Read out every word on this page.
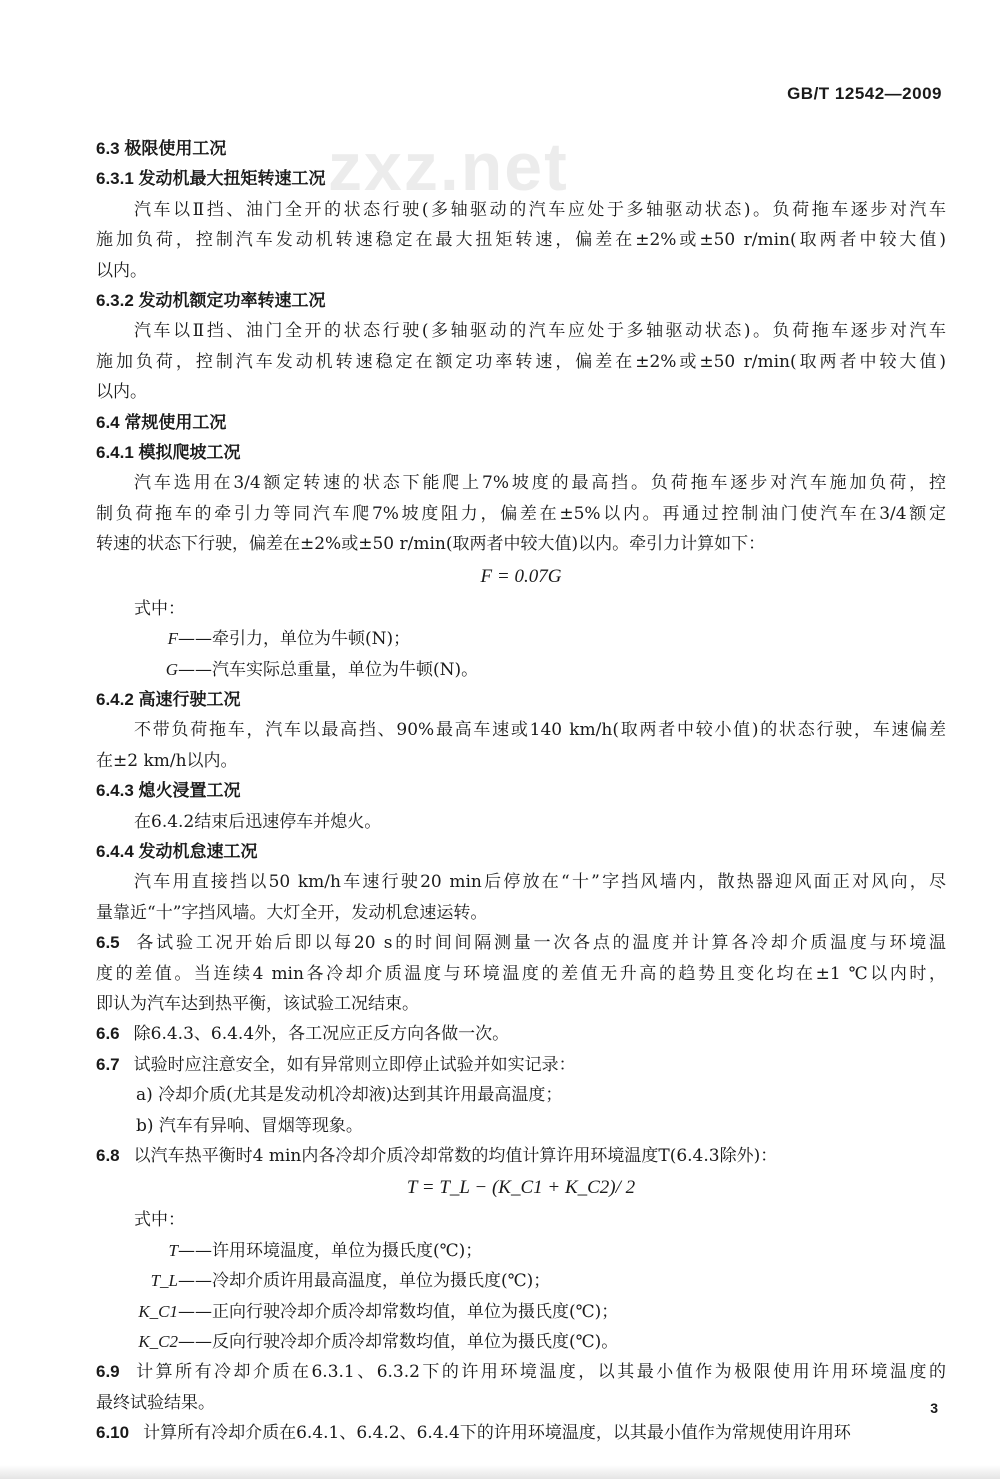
zxz.net
GB/T 12542—2009
6.3 极限使用工况
6.3.1 发动机最大扭矩转速工况
汽车以Ⅱ挡、油门全开的状态行驶(多轴驱动的汽车应处于多轴驱动状态)。负荷拖车逐步对汽车
施加负荷，控制汽车发动机转速稳定在最大扭矩转速，偏差在±2%或±50 r/min(取两者中较大值)
以内。
6.3.2 发动机额定功率转速工况
汽车以Ⅱ挡、油门全开的状态行驶(多轴驱动的汽车应处于多轴驱动状态)。负荷拖车逐步对汽车
施加负荷，控制汽车发动机转速稳定在额定功率转速，偏差在±2%或±50 r/min(取两者中较大值)
以内。
6.4 常规使用工况
6.4.1 模拟爬坡工况
汽车选用在3/4额定转速的状态下能爬上7%坡度的最高挡。负荷拖车逐步对汽车施加负荷，控
制负荷拖车的牵引力等同汽车爬7%坡度阻力，偏差在±5%以内。再通过控制油门使汽车在3/4额定
转速的状态下行驶，偏差在±2%或±50 r/min(取两者中较大值)以内。牵引力计算如下：
F = 0.07G
式中：
F ——牵引力，单位为牛顿(N)；
G ——汽车实际总重量，单位为牛顿(N)。
6.4.2 高速行驶工况
不带负荷拖车，汽车以最高挡、90%最高车速或140 km/h(取两者中较小值)的状态行驶，车速偏差
在±2 km/h以内。
6.4.3 熄火浸置工况
在6.4.2结束后迅速停车并熄火。
6.4.4 发动机怠速工况
汽车用直接挡以50 km/h车速行驶20 min后停放在“十”字挡风墙内，散热器迎风面正对风向，尽
量靠近“十”字挡风墙。大灯全开，发动机怠速运转。
6.5 各试验工况开始后即以每20 s的时间间隔测量一次各点的温度并计算各冷却介质温度与环境温
度的差值。当连续4 min各冷却介质温度与环境温度的差值无升高的趋势且变化均在±1 ℃以内时，
即认为汽车达到热平衡，该试验工况结束。
6.6 除6.4.3、6.4.4外，各工况应正反方向各做一次。
6.7 试验时应注意安全，如有异常则立即停止试验并如实记录：
a) 冷却介质(尤其是发动机冷却液)达到其许用最高温度；
b) 汽车有异响、冒烟等现象。
6.8 以汽车热平衡时4 min内各冷却介质冷却常数的均值计算许用环境温度T(6.4.3除外)：
T = T_L − (K_C1 + K_C2)/ 2
式中：
T ——许用环境温度，单位为摄氏度(℃)；
T_L ——冷却介质许用最高温度，单位为摄氏度(℃)；
K_C1 ——正向行驶冷却介质冷却常数均值，单位为摄氏度(℃)；
K_C2 ——反向行驶冷却介质冷却常数均值，单位为摄氏度(℃)。
6.9 计算所有冷却介质在6.3.1、6.3.2下的许用环境温度，以其最小值作为极限使用许用环境温度的
最终试验结果。
6.10 计算所有冷却介质在6.4.1、6.4.2、6.4.4下的许用环境温度，以其最小值作为常规使用许用环
3
